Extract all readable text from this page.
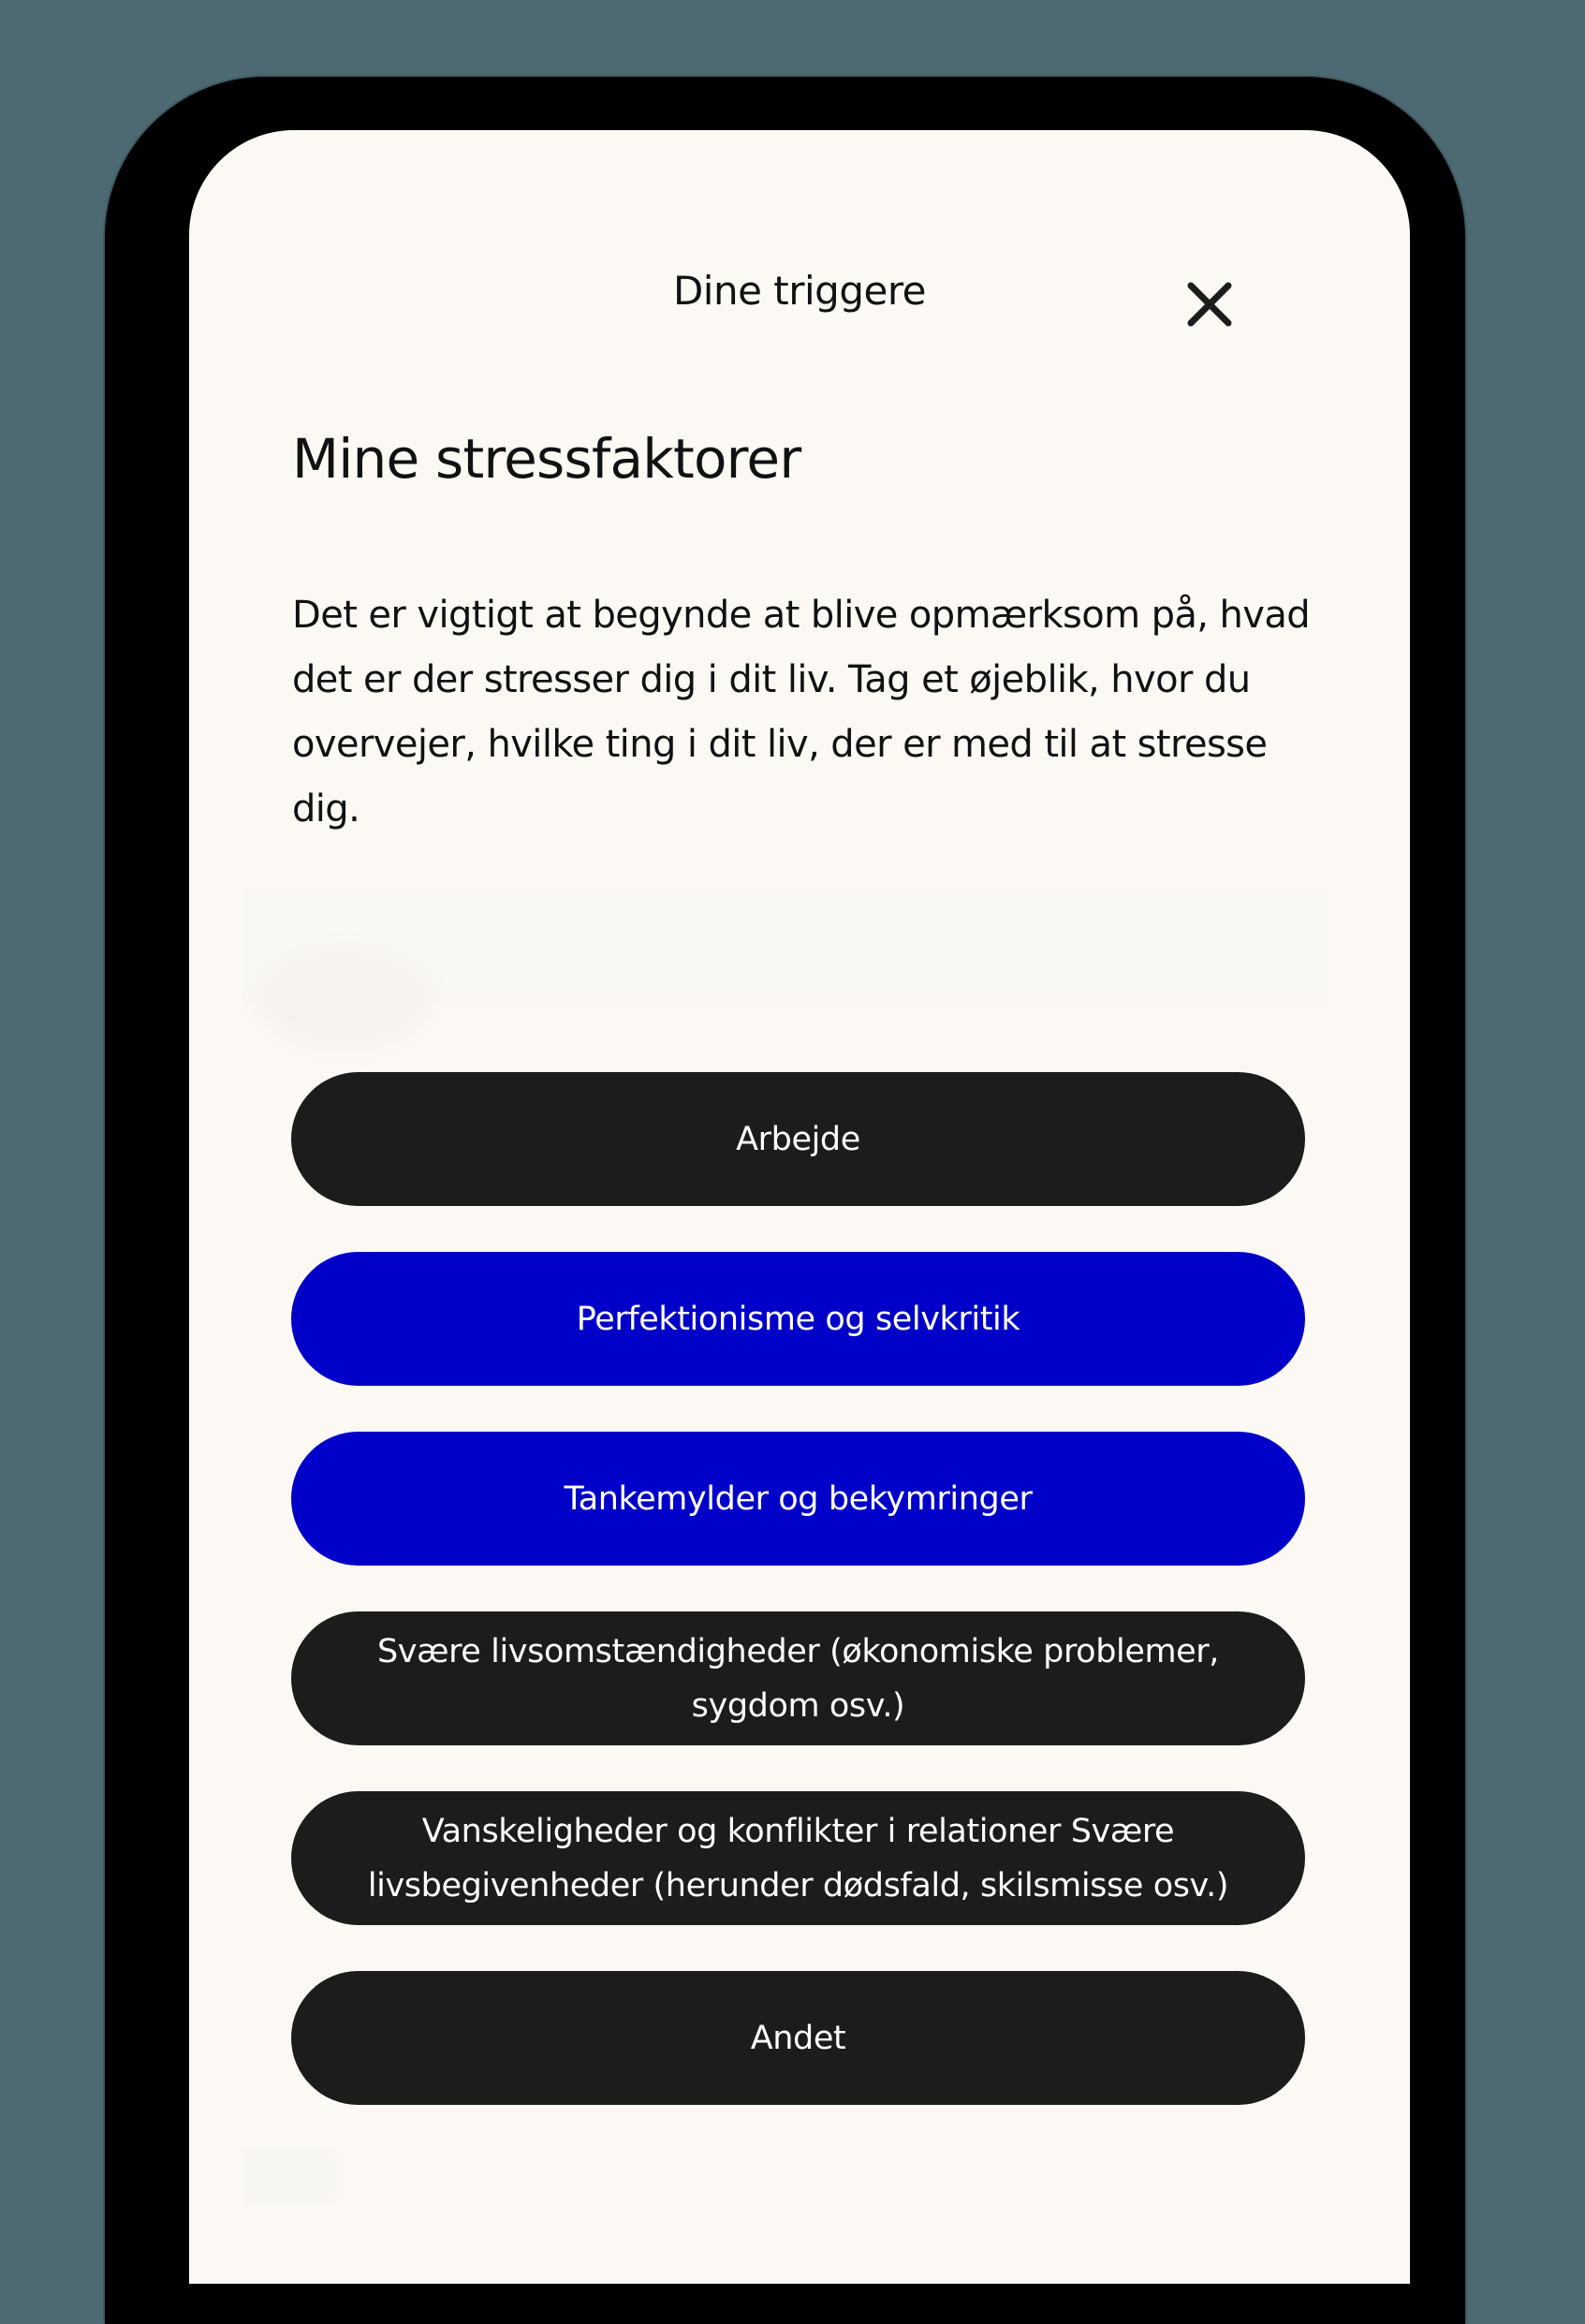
Dine triggere
Mine stressfaktorer

Det er vigtigt at begynde at blive opmærksom på, hvad det er der stresser dig i dit liv. Tag et øjeblik, hvor du overvejer, hvilke ting i dit liv, der er med til at stresse dig.

Arbejde
Perfektionisme og selvkritik
Tankemylder og bekymringer
Svære livsomstændigheder (økonomiske problemer, sygdom osv.)
Vanskeligheder og konflikter i relationer Svære livsbegivenheder (herunder dødsfald, skilsmisse osv.)
Andet
